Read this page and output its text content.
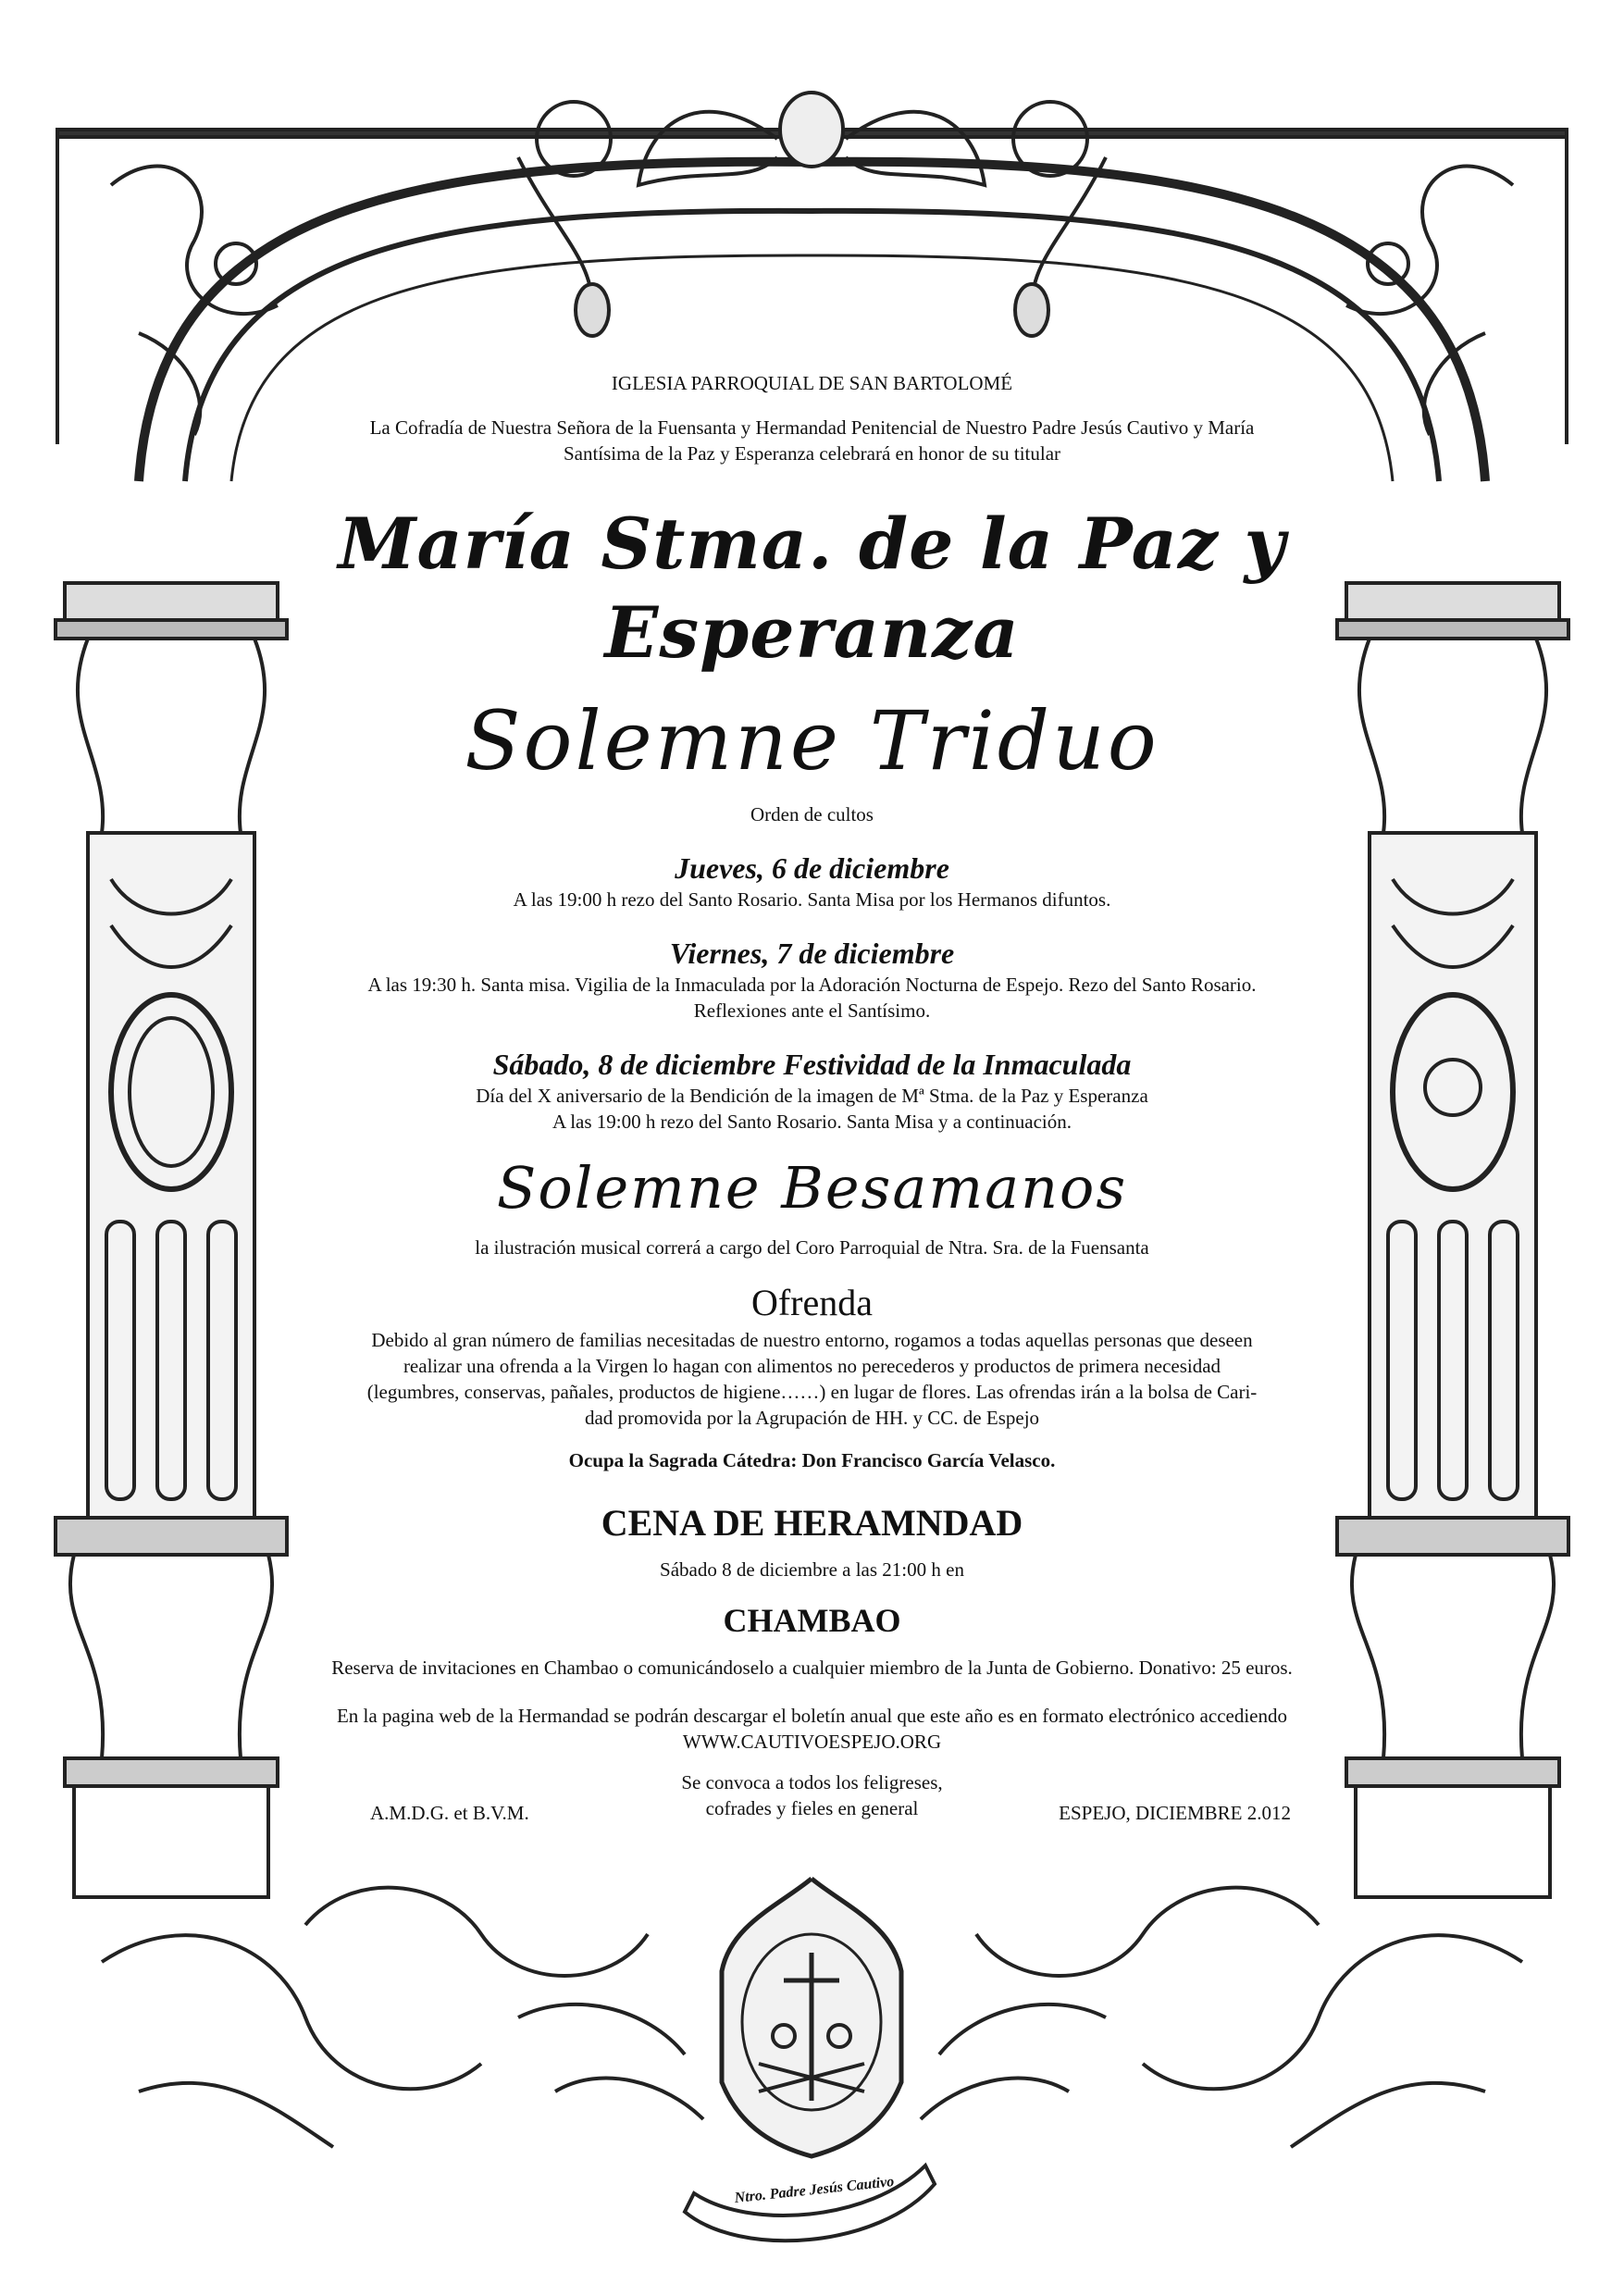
IGLESIA PARROQUIAL DE SAN BARTOLOMÉ
La Cofradía de Nuestra Señora de la Fuensanta y Hermandad Penitencial de Nuestro Padre Jesús Cautivo y María
Santísima de la Paz y Esperanza celebrará en honor de su titular
María Stma. de la Paz y Esperanza
Solemne Triduo
Orden de cultos
Jueves, 6 de diciembre
A las 19:00 h rezo del Santo Rosario. Santa Misa por los Hermanos difuntos.
Viernes, 7 de diciembre
A las 19:30 h. Santa misa. Vigilia de la Inmaculada por la Adoración Nocturna de Espejo. Rezo del Santo Rosario.
Reflexiones ante el Santísimo.
Sábado, 8 de diciembre Festividad de la Inmaculada
Día del X aniversario de la Bendición de la imagen de Mª Stma. de la Paz y Esperanza
A las 19:00 h rezo del Santo Rosario. Santa Misa y a continuación.
Solemne Besamanos
la ilustración musical correrá a cargo del Coro Parroquial de Ntra. Sra. de la Fuensanta
Ofrenda
Debido al gran número de familias necesitadas de nuestro entorno, rogamos a todas aquellas personas que deseen
realizar una ofrenda a la Virgen lo hagan con alimentos no perecederos y productos de primera necesidad
(legumbres, conservas, pañales, productos de higiene……) en lugar de flores. Las ofrendas irán a la bolsa de Cari-
dad promovida por la Agrupación de HH. y CC. de Espejo
Ocupa la Sagrada Cátedra: Don Francisco García Velasco.
CENA DE HERAMNDAD
Sábado 8 de diciembre a las 21:00 h en
CHAMBAO
Reserva de invitaciones en Chambao o comunicándoselo a cualquier miembro de la Junta de Gobierno. Donativo: 25 euros.
En la pagina web de la Hermandad se podrán descargar el boletín anual que este año es en formato electrónico accediendo
WWW.CAUTIVOESPEJO.ORG
A.M.D.G. et B.V.M.
Se convoca a todos los feligreses,
cofrades y fieles en general	ESPEJO, DICIEMBRE 2.012
Ntro. Padre Jesús Cautivo
